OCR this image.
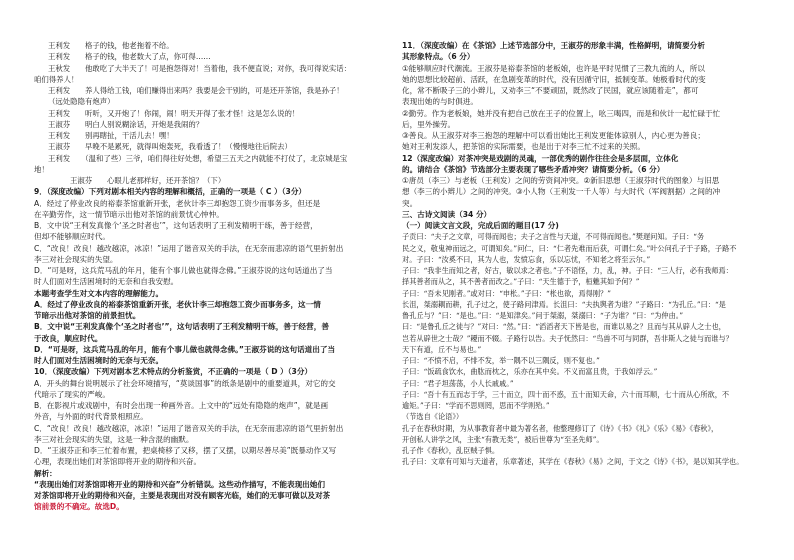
王利发　　格子的钱，他老拖着不给。

王利发　　格子的钱，他老数大了点，你可得……

王秋发　　他敢吃了大半天了！可是抱怨得对！当着他，我不便直说；对你，我可得说实话：

咱们得养人！

王利发　　养人得给工钱，咱们赚得出来吗？我要是会干别的，可是还开茶馆，我是孙子！

（远处隐隐有炮声）

王利发　　听听，又开炮了！你闹，闹！明天开得了张才怪！这是怎么说的！

王淑芬　　明白人别说糊涂话，开炮是我闹的？

王利发　　别再瞎扯，干活儿去！嘿！

王淑芬　　早晚不是累死，就得叫炮轰死，我看透了！（慢慢地往后院去）

王利发　　（温和了些）三爷，咱们得往好处想，希望三五天之内就能不打仗了，北京城是宝

地！

王淑芬　　心眼儿老那样好，还开茶馆？（下）

9．（深度改编）下列对剧本相关内容的理解和概括，正确的一项是（ C ）（3分）

A．经过了停业改良的裕泰茶馆重新开张，老伙计李三却抱怨工资少而事务多，但还是

在辛勤劳作，这一情节暗示出他对茶馆的前景忧心忡忡。

B．文中说“王利发真像个‘圣之时者也’”，这句话表明了王利发精明干练，善于经营，

但却不能够顺应时代。

C．“改良！改良！越改越凉，冰凉！”运用了谐音双关的手法，在无奈而悲凉的语气里折射出

李三对社会现实的失望。

D．“可是呀，这兵荒马乱的年月，能有个事儿做也就得念佛。”王淑芬说的这句话道出了当

时人们面对生活困境时的无奈和自我安慰。

本题考查学生对文本内容的理解能力。

A．经过了停业改良的裕泰茶馆重新开张，老伙计李三却抱怨工资少而事务多，这一情

节暗示出他对茶馆的前景担忧。

B．文中说“王利发真像个‘圣之时者也’”，这句话表明了王利发精明干练，善于经营，善

于改良，顺应时代。

D．“可是呀，这兵荒马乱的年月，能有个事儿做也就得念佛。”王淑芬说的这句话道出了当

时人们面对生活困境时的无奈与无奈。

10．（深度改编）下列对剧本艺术特点的分析鉴赏，不正确的一项是（ D ）（3分）

A．开头的舞台说明展示了社会环境描写，“莫谈国事”的纸条是剧中的重要道具，对它的交

代暗示了现实的严峻。

B．在影视片或戏剧中，有时会出现一种画外音。上文中的“远处有隐隐的炮声”，就是画

外音，与外面的时代背景相照应。

C．“改良！改良！越改越凉，冰凉！”运用了谐音双关的手法，在无奈而悲凉的语气里折射出

李三对社会现实的失望，这是一种含混的幽默。

D．“王淑芬正和李三忙着布置，把桌椅移了又移，摆了又摆，以期尽善尽美”既暴动作又写

心理，表现出她们对茶馆即将开业的期待和兴奋。

解析：

“表现出她们对茶馆即将开业的期待和兴奋”分析错误。这些动作描写，不能表现出她们

对茶馆即将开业的期待和兴奋，主要是表现出对没有顾客光临，她们的无事可做以及对茶

馆前景的不确定。故选D。

11．（深度改编）在《茶馆》上述节选部分中，王淑芬的形象丰满，性格鲜明，请简要分析

其形象特点。（6 分）

①能够顺应时代潮流。王淑芬是裕泰茶馆的老板娘，也许是平时见惯了三教九流的人，所以

她的思想比较超前、活跃，在急剧变革的时代，没有因循守旧，抵制变革。她极看时代的变

化，常不断吸子三的小辫儿，又劝李三“不要顽固，既然改了民国，就应该随着走”，都可

表现出她的与时俱进。

②勤劳。作为老板娘，她并没有把自己放在王子的位置上，吆三喝四，而是和伙计一起忙碌于忙

后，里外操劳。

③善良。从王淑芬对李三抱怨的理解中可以看出她比王利发更能体谅别人，内心更为善良；

她对王利发添人，把茶馆的实际需要，也是出于对李三忙不过来的关照。

12（深度改编）对茶冲突是戏剧的灵魂，一部优秀的剧作往往会是多层面，立体化

的。请结合《茶馆》节选部分主要表现了哪些矛盾冲突？请简要分析。（6 分）

①唐员（李三）与老板（王利发）之间的劳资间冲突。②新旧思想（王淑芬时代的图象）与旧思

想（李三的小辫儿）之间的冲突。③小人物（王利发一千人等）与大时代（军阀割据）之间的冲

突。

三、古诗文阅读（34 分）

（一）阅读文言文段，完成后面的题目(17 分)

子贡曰：“夫子之文章，可得而闻也；夫子之言性与天道，不可得而闻也。”樊遅问知。子曰：“务

民之义，敬鬼神而远之，可谓知矣。”问仁，曰：“仁者先难而后获，可谓仁矣。”叶公问孔子于子路，子路不

对。子曰：“汝奚不曰，其为人也，发愤忘食，乐以忘忧，不知老之将至云尔。”

子曰：“我非生而知之者，好古，敏以求之者也。”子不语怪，力，乱，神。子曰：“三人行，必有我师焉：

择其善者而从之，其不善者而改之。”子曰：“天生德于予，桓魋其如予何？”

子曰：“吾未见刚者。”或对曰：“申枨。”子曰：“枨也欲，焉得刚？”

长沮，桀溺耦而耕，孔子过之，使子路问津焉。长沮曰：“夫执舆者为谁？”子路曰：“为孔丘。”曰：“是

鲁孔丘与？”曰：“是也。”曰：“是知津矣。”问于桀溺，桀溺曰：“子为谁？”曰：“为仲由。”

曰：“是鲁孔丘之徒与？”对曰：“然。”曰：“滔滔者天下皆是也，而谁以易之？且而与其从辟人之士也，

岂若从辟世之士哉？”耰而不辍。子路行以告。夫子怃然曰：“鸟兽不可与同群，吾非斯人之徒与而谁与？

天下有道，丘不与易也。”

子曰：“不愤不启，不悱不发，举一隅不以三隅反，则不复也。”

子曰：“饭疏食饮水，曲肱而枕之，乐亦在其中矣。不义而富且贵，于我如浮云。”

子曰：“君子坦荡荡，小人长戚戚。”

子曰：“吾十有五而志于学，三十而立，四十而不惑，五十而知天命，六十而耳顺，七十而从心所欲，不

逾矩。”子曰：“学而不思则罔，思而不学则殆。”

（节选自《论语》）

孔子在春秋时期，为从事教育者中最为著名者，他整理修订了《诗》《书》《礼》《乐》《易》《春秋》，

开创私人讲学之风，主张“有教无类”，被后世尊为“至圣先师”。

孔子作《春秋》，乱臣贼子惧。

孔子曰：文章有可知与天道者，乐章著述，其学在《春秋》《易》之间，于文之《诗》《书》，是以知其学也。
